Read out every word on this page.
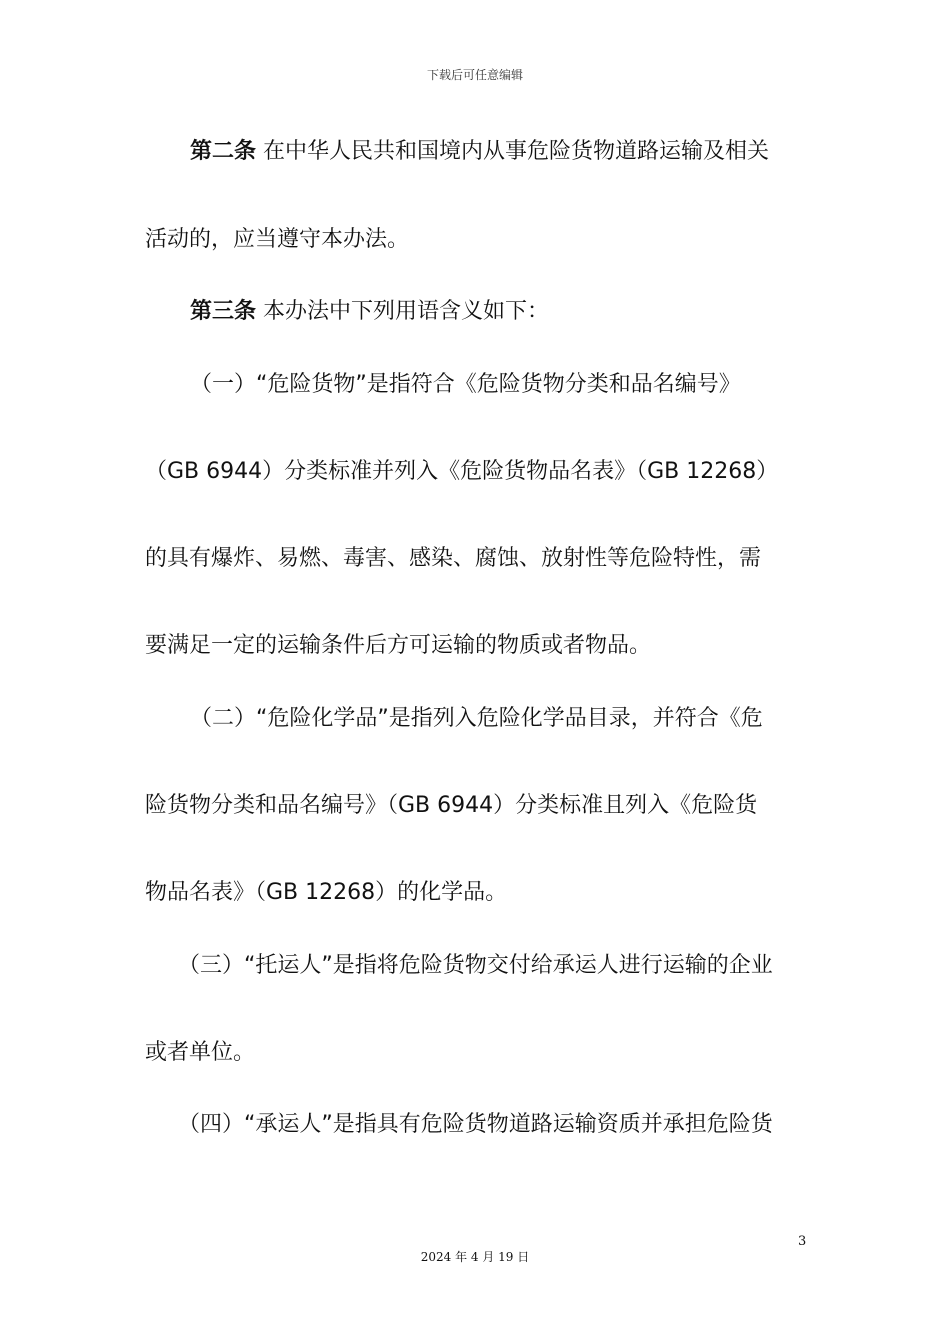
下载后可任意编辑
第二条 在中华人民共和国境内从事危险货物道路运输及相关
活动的，应当遵守本办法。
第三条 本办法中下列用语含义如下：
（一）“危险货物”是指符合《危险货物分类和品名编号》
（GB 6944）分类标准并列入《危险货物品名表》（GB 12268）
的具有爆炸、易燃、毒害、感染、腐蚀、放射性等危险特性，需
要满足一定的运输条件后方可运输的物质或者物品。
（二）“危险化学品”是指列入危险化学品目录，并符合《危
险货物分类和品名编号》（GB 6944）分类标准且列入《危险货
物品名表》（GB 12268）的化学品。
（三）“托运人”是指将危险货物交付给承运人进行运输的企业
或者单位。
（四）“承运人”是指具有危险货物道路运输资质并承担危险货
3
2024 年 4 月 19 日
